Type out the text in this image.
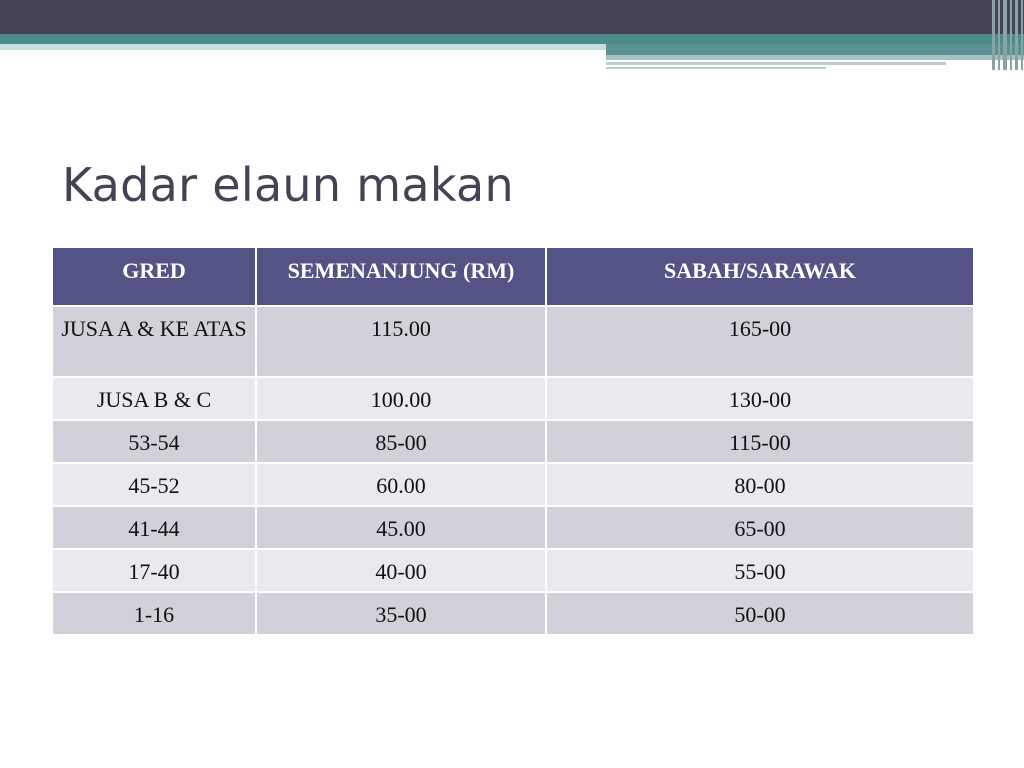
Kadar elaun makan
GRED	SEMENANJUNG (RM)	SABAH/SARAWAK
JUSA A & KE ATAS	115.00	165-00
JUSA B & C	100.00	130-00
53-54	85-00	115-00
45-52	60.00	80-00
41-44	45.00	65-00
17-40	40-00	55-00
1-16	35-00	50-00
